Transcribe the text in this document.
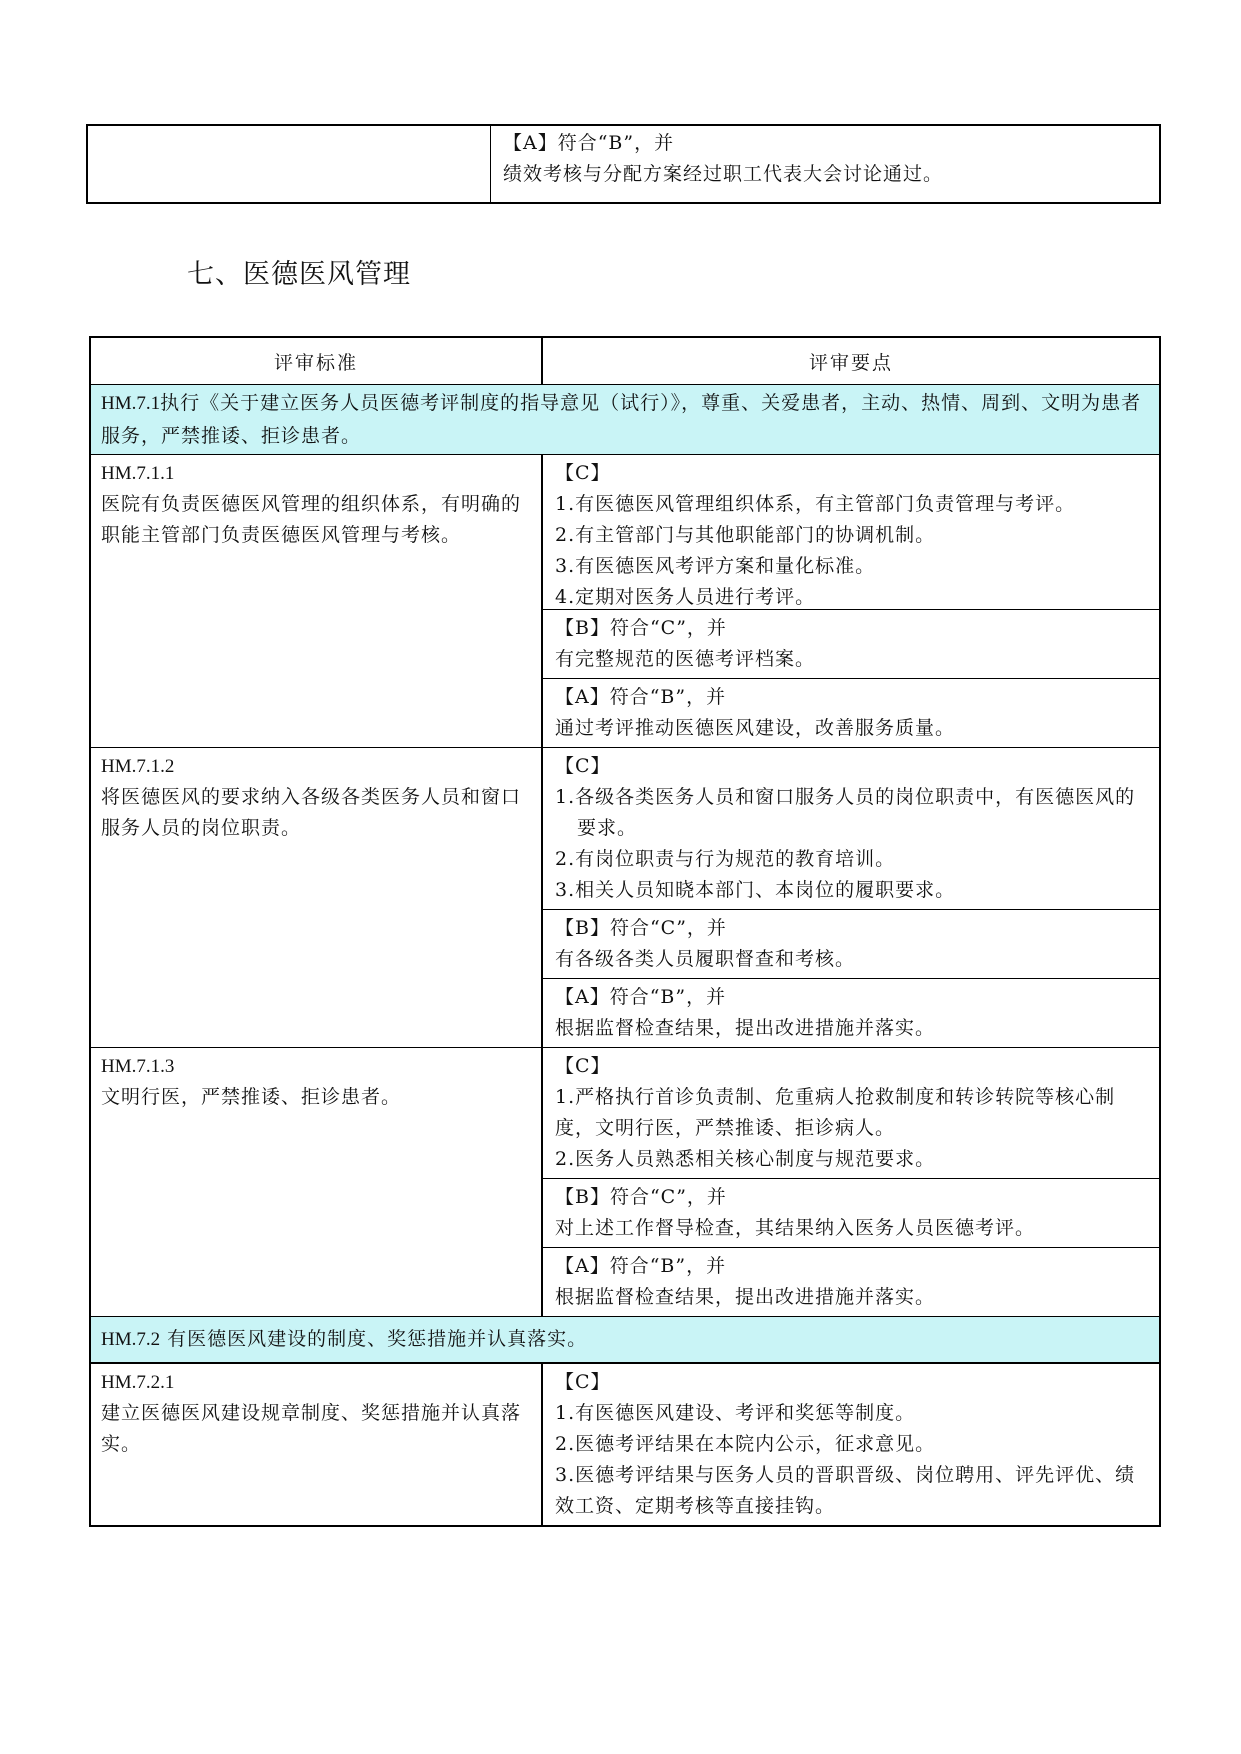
【A】符合“B”，并
绩效考核与分配方案经过职工代表大会讨论通过。
七、医德医风管理
评审标准	评审要点
HM.7.1执行《关于建立医务人员医德考评制度的指导意见（试行）》，尊重、关爱患者，主动、热情、周到、文明为患者服务，严禁推诿、拒诊患者。
HM.7.1.1
医院有负责医德医风管理的组织体系，有明确的职能主管部门负责医德医风管理与考核。
【C】
1.有医德医风管理组织体系，有主管部门负责管理与考评。
2.有主管部门与其他职能部门的协调机制。
3.有医德医风考评方案和量化标准。
4.定期对医务人员进行考评。
【B】符合“C”，并
有完整规范的医德考评档案。
【A】符合“B”，并
通过考评推动医德医风建设，改善服务质量。
HM.7.1.2
将医德医风的要求纳入各级各类医务人员和窗口服务人员的岗位职责。
【C】
1.各级各类医务人员和窗口服务人员的岗位职责中，有医德医风的要求。
2.有岗位职责与行为规范的教育培训。
3.相关人员知晓本部门、本岗位的履职要求。
【B】符合“C”，并
有各级各类人员履职督查和考核。
【A】符合“B”，并
根据监督检查结果，提出改进措施并落实。
HM.7.1.3
文明行医，严禁推诿、拒诊患者。
【C】
1.严格执行首诊负责制、危重病人抢救制度和转诊转院等核心制度，文明行医，严禁推诿、拒诊病人。
2.医务人员熟悉相关核心制度与规范要求。
【B】符合“C”，并
对上述工作督导检查，其结果纳入医务人员医德考评。
【A】符合“B”，并
根据监督检查结果，提出改进措施并落实。
HM.7.2 有医德医风建设的制度、奖惩措施并认真落实。
HM.7.2.1
建立医德医风建设规章制度、奖惩措施并认真落实。
【C】
1.有医德医风建设、考评和奖惩等制度。
2.医德考评结果在本院内公示，征求意见。
3.医德考评结果与医务人员的晋职晋级、岗位聘用、评先评优、绩效工资、定期考核等直接挂钩。
